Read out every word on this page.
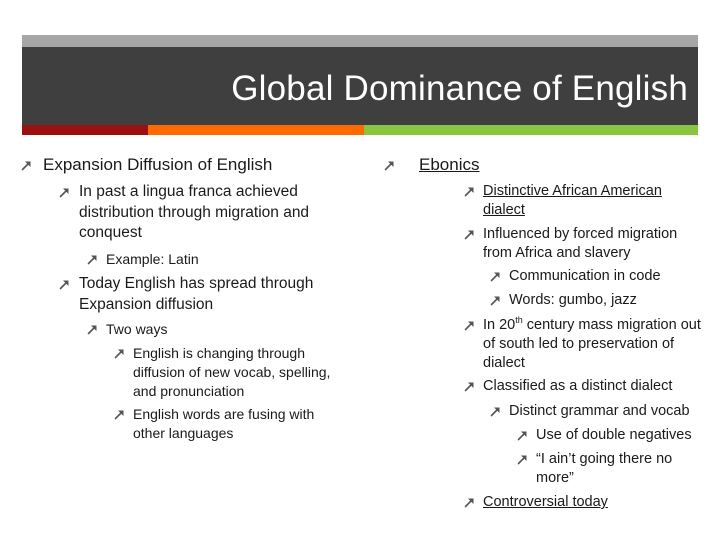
Global Dominance of English
Expansion Diffusion of English
In past a lingua franca achieved distribution through migration and conquest
Example: Latin
Today English has spread through Expansion diffusion
Two ways
English is changing through diffusion of new vocab, spelling, and pronunciation
English words are fusing with other languages
Ebonics
Distinctive African American dialect
Influenced by forced migration from Africa and slavery
Communication in code
Words: gumbo, jazz
In 20th century mass migration out of south led to preservation of dialect
Classified as a distinct dialect
Distinct grammar and vocab
Use of double negatives
“I ain’t going there no more”
Controversial today
